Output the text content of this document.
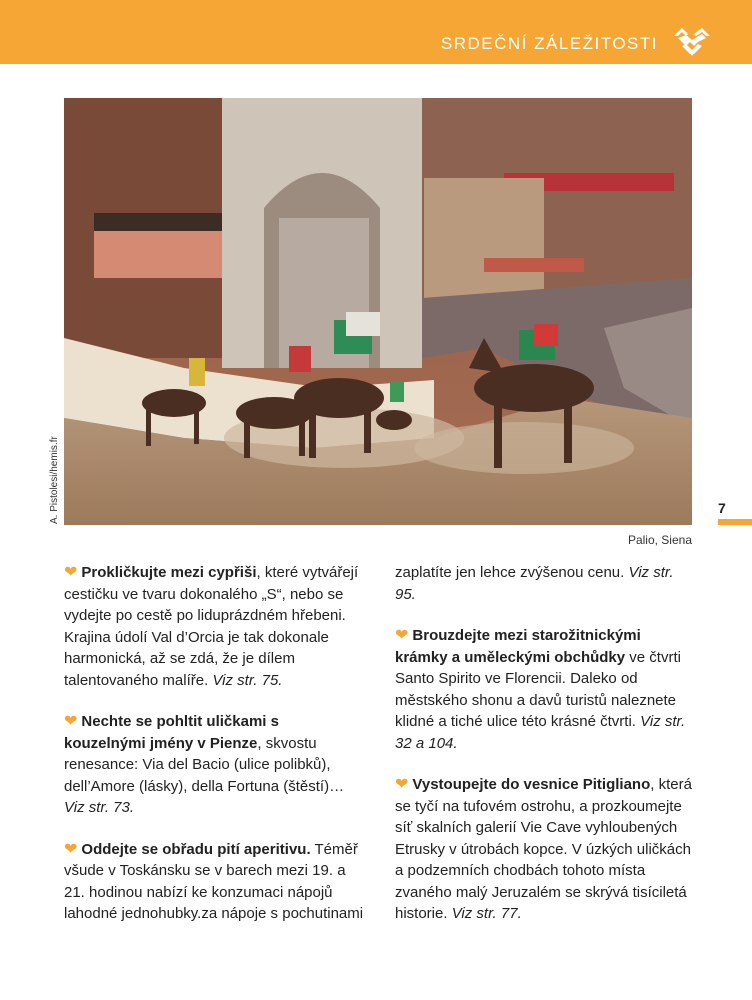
SRDEČNÍ ZÁLEŽITOSTI
A. Pistolesi/hemis.fr
Palio, Siena
7

❤ Prokličkujte mezi cypřiši, které vytvářejí cestičku ve tvaru dokonalého „S“, nebo se vydejte po cestě po liduprázdném hřebeni. Krajina údolí Val d’Orcia je tak dokonale harmonická, až se zdá, že je dílem talentovaného malíře. Viz str. 75.

❤ Nechte se pohltit uličkami s kouzelnými jmény v Pienze, skvostu renesance: Via del Bacio (ulice polibků), dell’Amore (lásky), della Fortuna (štěstí)… Viz str. 73.

❤ Oddejte se obřadu pití aperitivu. Téměř všude v Toskánsku se v barech mezi 19. a 21. hodinou nabízí ke konzumaci nápojů lahodné jednohubky.za nápoje s pochutinami

zaplatíte jen lehce zvýšenou cenu. Viz str. 95.

❤ Brouzdejte mezi starožitnickými krámky a uměleckými obchůdky ve čtvrti Santo Spirito ve Florencii. Daleko od městského shonu a davů turistů naleznete klidné a tiché ulice této krásné čtvrti. Viz str. 32 a 104.

❤ Vystoupejte do vesnice Pitigliano, která se tyčí na tufovém ostrohu, a prozkoumejte síť skalních galerií Vie Cave vyhloubených Etrusky v útrobách kopce. V úzkých uličkách a podzemních chodbách tohoto místa zvaného malý Jeruzalém se skrývá tisíciletá historie. Viz str. 77.
